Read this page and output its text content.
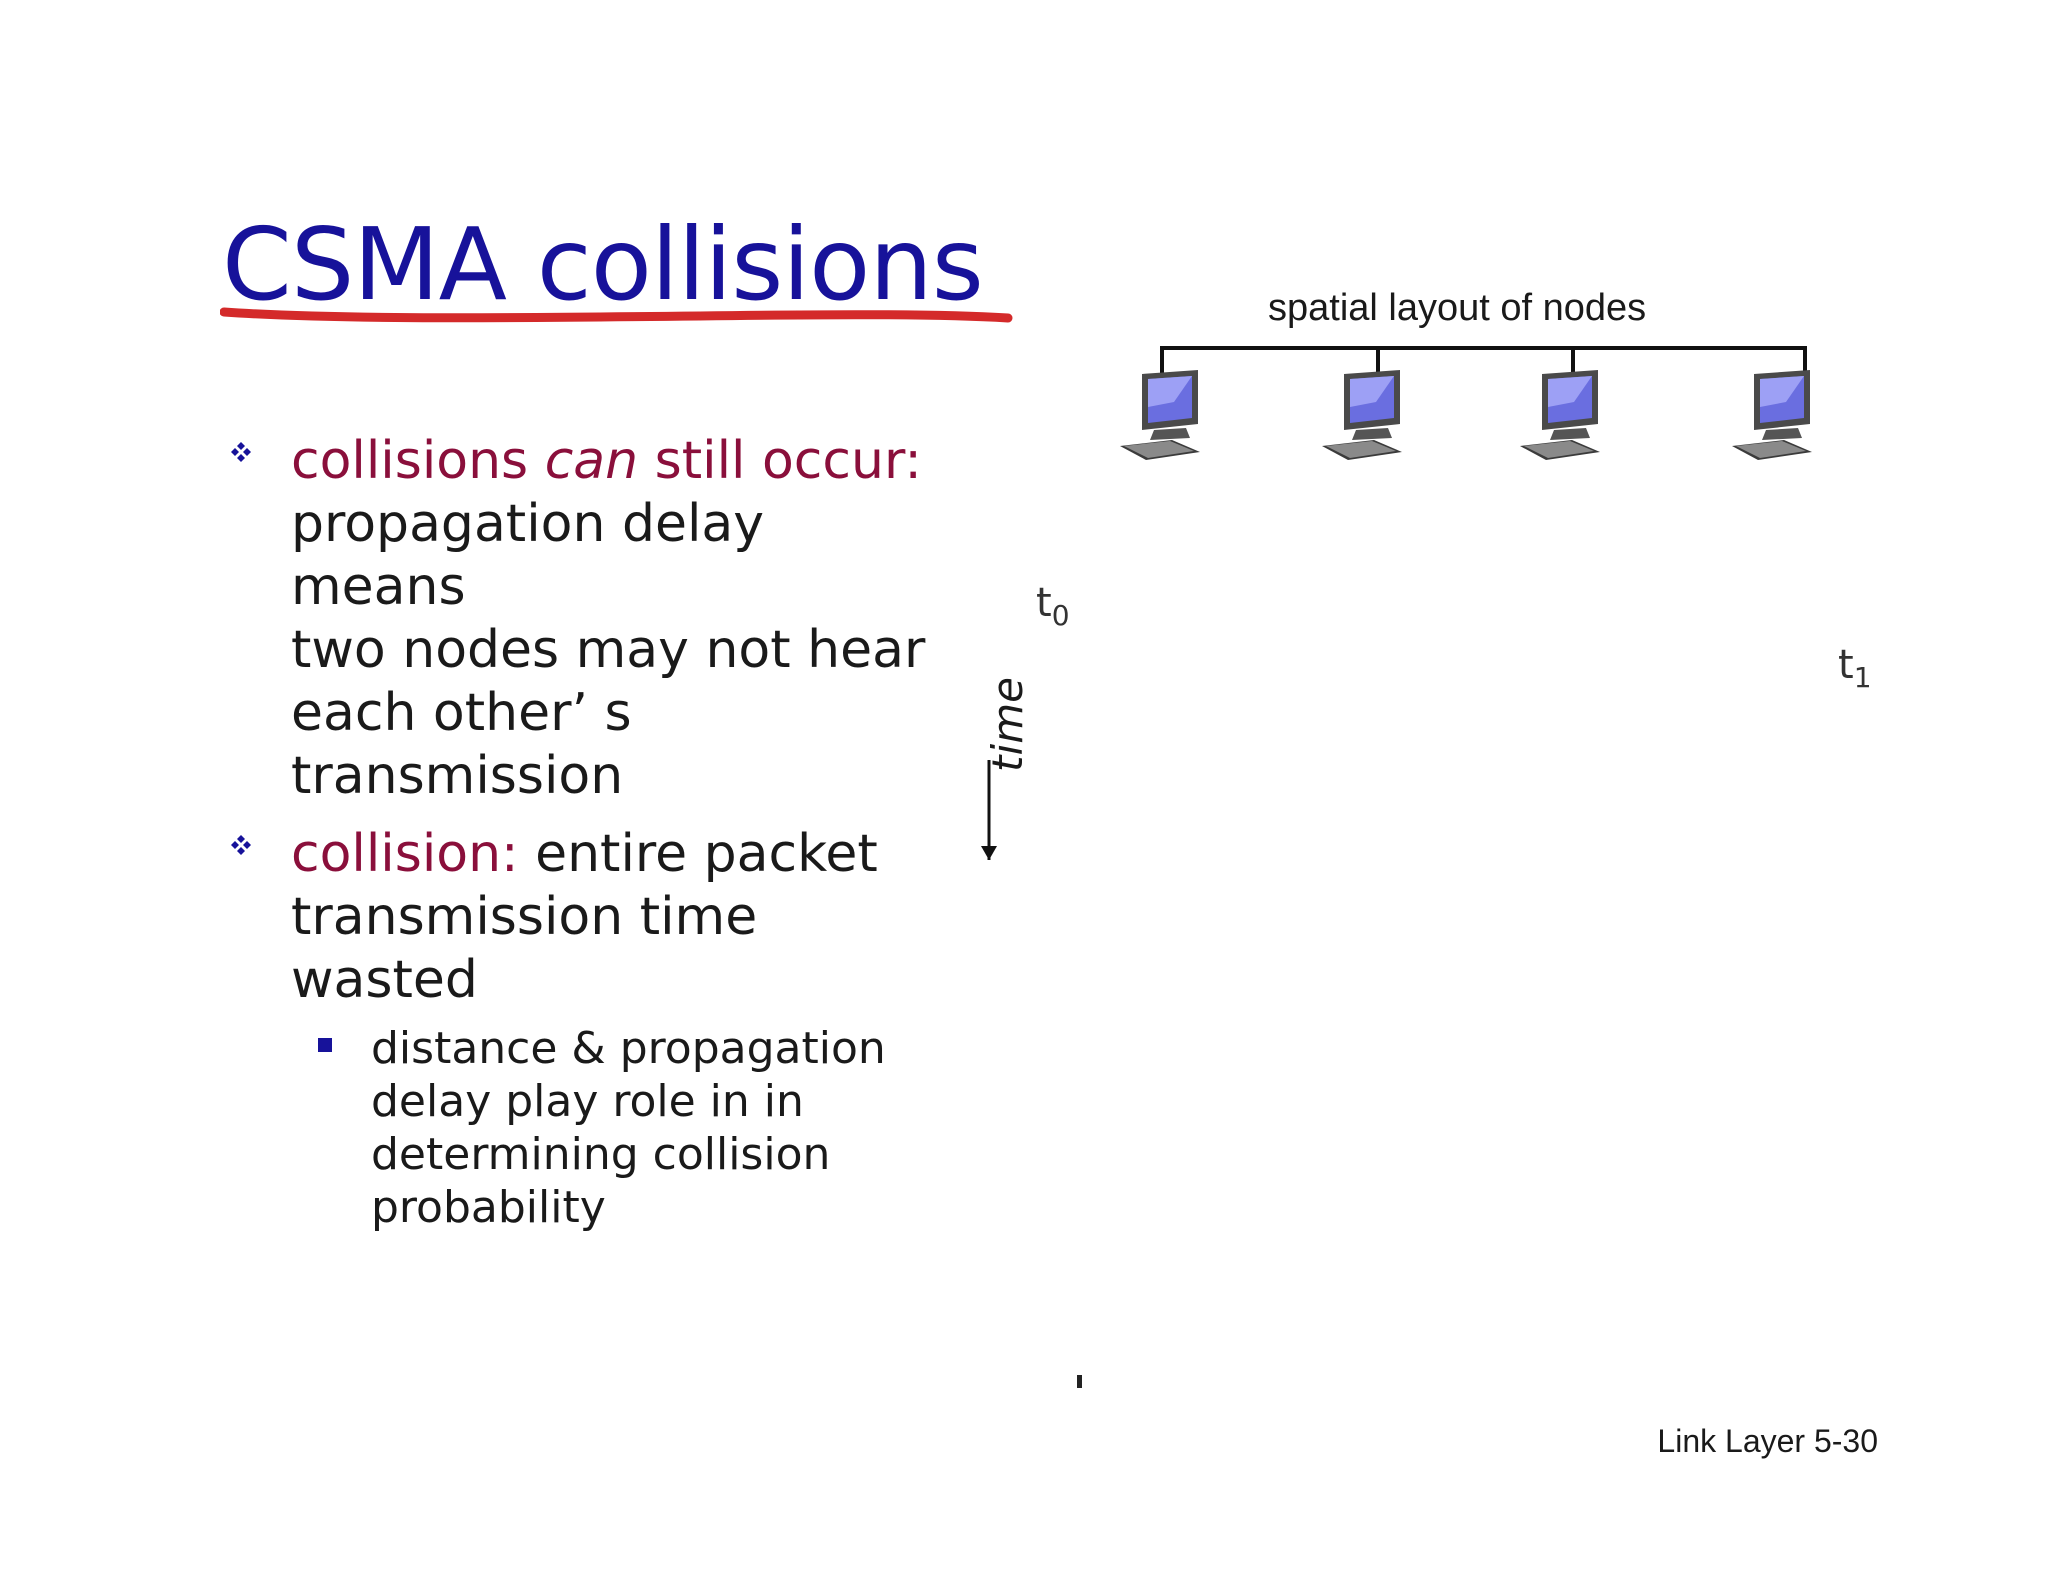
CSMA collisions
collisions can still occur:
propagation delay means
two nodes may not hear
each other’ s
transmission
collision: entire packet
transmission time
wasted
distance & propagation
delay play role in in
determining collision
probability
spatial layout of nodes
$t_0$
$t_1$
time
Link Layer 5-30
